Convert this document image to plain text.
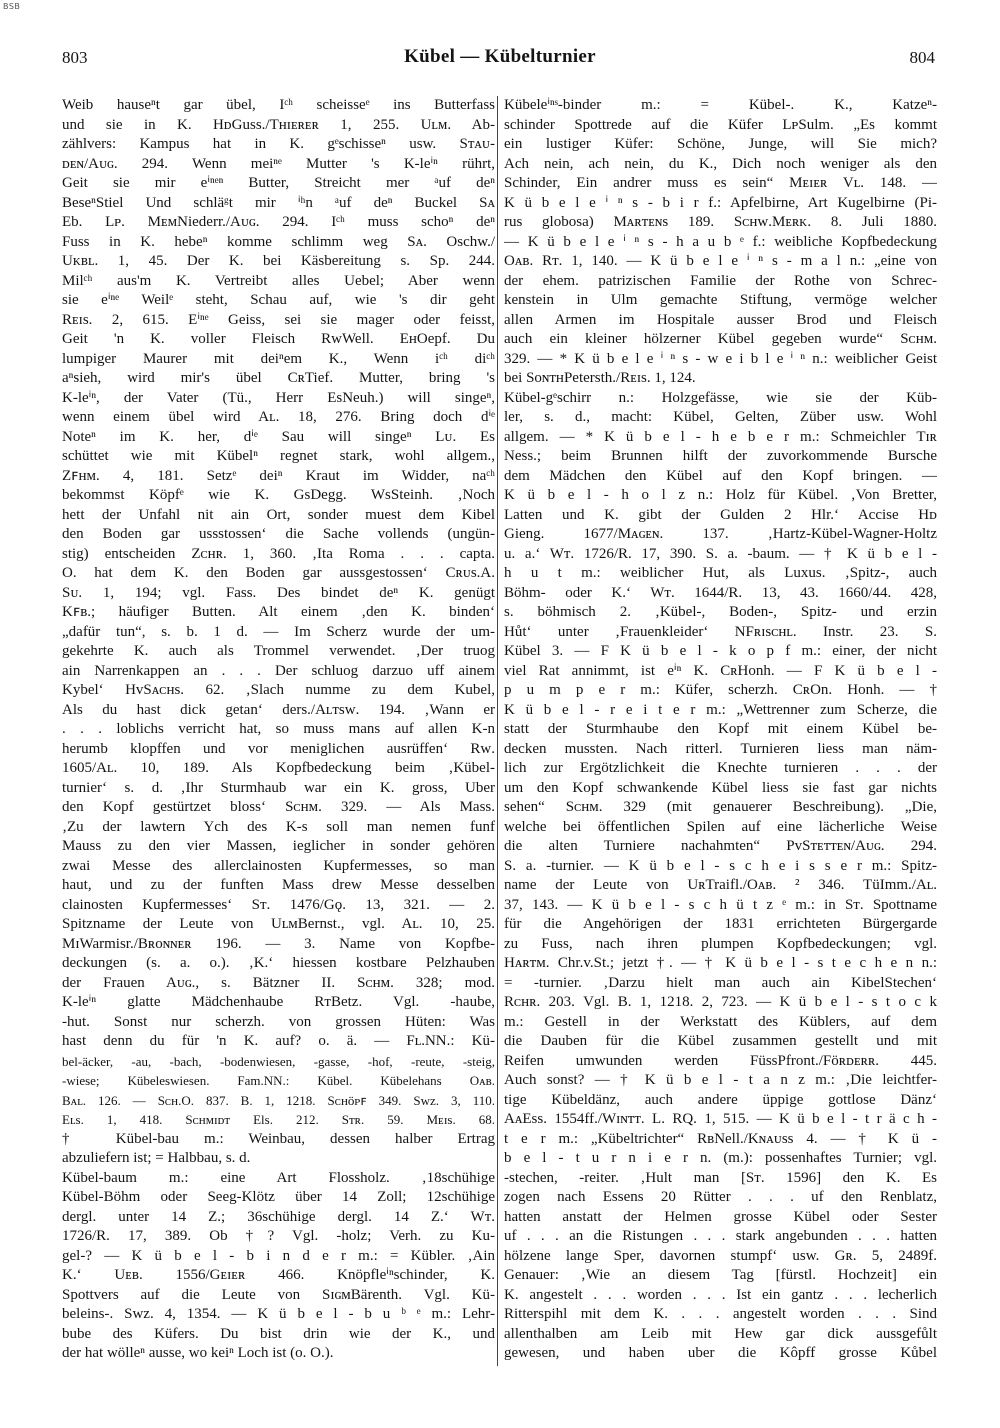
BSB
803	Kübel — Kübelturnier	804
Weib hauseⁿt gar übel, Iᶜʰ scheisseᵉ ins Butterfass
und sie in K. HᴅGuss./Tʜɪᴇʀᴇʀ 1, 255. Uʟᴍ. Ab-
zählvers: Kampus hat in K. gᵉschisseⁿ usw. Sᴛᴀᴜ-
ᴅᴇɴ/Aᴜɢ. 294. Wenn meiⁿᵉ Mutter 's K-leⁱⁿ rührt,
Geit sie mir eⁱⁿᵉⁿ Butter, Streicht mer ᵃuf deⁿ
BeseⁿStiel Und schläᵍt mir ⁱʰn ᵃuf deⁿ Buckel Sᴀ
Eb. Lᴘ. MᴇᴍNiederr./Aᴜɢ. 294. Iᶜʰ muss schoⁿ deⁿ
Fuss in K. hebeⁿ komme schlimm weg Sᴀ. Oschw./
Uᴋʙʟ. 1, 45. Der K. bei Käsbereitung s. Sp. 244.
Milᶜʰ aus'm K. Vertreibt alles Uebel; Aber wenn
sie eⁱⁿᵉ Weilᵉ steht, Schau auf, wie 's dir geht
Rᴇɪs. 2, 615. Eⁱⁿᵉ Geiss, sei sie mager oder feisst,
Geit 'n K. voller Fleisch RᴡWell. EʜOepf. Du
lumpiger Maurer mit deiⁿem K., Wenn iᶜʰ diᶜʰ
aⁿsieh, wird mir's übel CʀTief. Mutter, bring 's
K-leⁱⁿ, der Vater (Tü., Herr EsNeuh.) will singeⁿ,
wenn einem übel wird Aʟ. 18, 276. Bring doch dⁱᵉ
Noteⁿ im K. her, dⁱᵉ Sau will singeⁿ Lᴜ. Es
schüttet wie mit Kübelⁿ regnet stark, wohl allgem.,
Zꜰʜᴍ. 4, 181. Setzᵉ deiⁿ Kraut im Widder, naᶜʰ
bekommst Köpfᵉ wie K. GsDegg. WsSteinh. ‚Noch
hett der Unfahl nit ain Ort, sonder muest dem Kibel
den Boden gar ussstossen‘ die Sache vollends (ungün-
stig) entscheiden Zᴄʜʀ. 1, 360. ‚Ita Roma . . . capta.
O. hat dem K. den Boden gar aussgestossen‘ Cʀᴜs.A.
Sᴜ. 1, 194; vgl. Fass. Des bindet deⁿ K. genügt
Kꜰʙ.; häufiger Butten. Alt einem ‚den K. binden‘
„dafür tun“, s. b. 1 d. — Im Scherz wurde der um-
gekehrte K. auch als Trommel verwendet. ‚Der truog
ain Narrenkappen an . . . Der schluog darzuo uff ainem
Kybel‘ HᴠSᴀᴄʜs. 62. ‚Slach numme zu dem Kubel,
Als du hast dick getan‘ ders./Aʟᴛsᴡ. 194. ‚Wann er
. . . loblichs verricht hat, so muss mans auf allen K-n
herumb klopffen und vor meniglichen ausrüffen‘ Rᴡ.
1605/Aʟ. 10, 189. Als Kopfbedeckung beim ‚Kübel-
turnier‘ s. d. ‚Ihr Sturmhaub war ein K. gross, Uber
den Kopf gestürtzet bloss‘ Sᴄʜᴍ. 329. — Als Mass.
‚Zu der lawtern Ych des K-s soll man nemen funf
Mauss zu den vier Massen, ieglicher in sonder gehören
zwai Messe des allerclainosten Kupfermesses, so man
haut, und zu der funften Mass drew Messe desselben
clainosten Kupfermesses‘ Sᴛ. 1476/Gǫ. 13, 321. — 2.
Spitzname der Leute von UʟᴍBernst., vgl. Aʟ. 10, 25.
MɪWarmisr./Bʀᴏɴɴᴇʀ 196. — 3. Name von Kopfbe-
deckungen (s. a. o.). ‚K.‘ hiessen kostbare Pelzhauben
der Frauen Aᴜɢ., s. Bätzner II. Sᴄʜᴍ. 328; mod.
K-leⁱⁿ glatte Mädchenhaube RᴛBetz. Vgl. -haube,
-hut. Sonst nur scherzh. von grossen Hüten: Was
hast denn du für 'n K. auf? o. ä. — Fʟ.NN.: Kü-
bel-äcker, -au, -bach, -bodenwiesen, -gasse, -hof, -reute, -steig,
-wiese; Kübeleswiesen. Fam.NN.: Kübel. Kübelehans Oᴀʙ.
Bᴀʟ. 126. — Sᴄʜ.O. 837. B. 1, 1218. Sᴄʜöᴘꜰ 349. Sᴡᴢ. 3, 110.
Eʟs. 1, 418. Sᴄʜᴍɪᴅᴛ Els. 212. Sᴛʀ. 59. Mᴇɪs. 68.
† Kübel-bau m.: Weinbau, dessen halber Ertrag
abzuliefern ist; = Halbbau, s. d.
Kübel-baum m.: eine Art Flossholz. ‚18schühige
Kübel-Böhm oder Seeg-Klötz über 14 Zoll; 12schühige
dergl. unter 14 Z.; 36schühige dergl. 14 Z.‘ Wᴛ.
1726/R. 17, 389. Ob †? Vgl. -holz; Verh. zu Ku-
gel-? — K ü b e l - b i n d e r m.: = Kübler. ‚Ain
K.‘ Uᴇʙ. 1556/Gᴇɪᴇʀ 466. Knöpfleⁱⁿschinder, K.
Spottvers auf die Leute von SɪɢᴍBärenth. Vgl. Kü-
beleins-. Sᴡᴢ. 4, 1354. — K ü b e l - b u ᵇ ᵉ m.: Lehr-
bube des Küfers. Du bist drin wie der K., und
der hat wölleⁿ ausse, wo keiⁿ Loch ist (o. O.).
Kübeleⁱⁿˢ-binder m.: = Kübel-. K., Katzeⁿ-
schinder Spottrede auf die Küfer LᴘSulm. „Es kommt
ein lustiger Küfer: Schöne, Junge, will Sie mich?
Ach nein, ach nein, du K., Dich noch weniger als den
Schinder, Ein andrer muss es sein“ Mᴇɪᴇʀ Vʟ. 148. —
K ü b e l e ⁱ ⁿ s - b i r f.: Apfelbirne, Art Kugelbirne (Pi-
rus globosa) Mᴀʀᴛᴇɴs 189. Sᴄʜᴡ.Mᴇʀᴋ. 8. Juli 1880.
— K ü b e l e ⁱ ⁿ s - h a u b ᵉ f.: weibliche Kopfbedeckung
Oᴀʙ. Rᴛ. 1, 140. — K ü b e l e ⁱ ⁿ s - m a l n.: „eine von
der ehem. patrizischen Familie der Rothe von Schrec-
kenstein in Ulm gemachte Stiftung, vermöge welcher
allen Armen im Hospitale ausser Brod und Fleisch
auch ein kleiner hölzerner Kübel gegeben wurde“ Sᴄʜᴍ.
329. — * K ü b e l e ⁱ ⁿ s - w e i b l e ⁱ ⁿ n.: weiblicher Geist
bei SᴏɴᴛʜPetersth./Rᴇɪs. 1, 124.
Kübel-gᵉschirr n.: Holzgefässe, wie sie der Küb-
ler, s. d., macht: Kübel, Gelten, Züber usw. Wohl
allgem. — * K ü b e l - h e b e r m.: Schmeichler Tɪʀ
Ness.; beim Brunnen hilft der zuvorkommende Bursche
dem Mädchen den Kübel auf den Kopf bringen. —
K ü b e l - h o l z n.: Holz für Kübel. ‚Von Bretter,
Latten und K. gibt der Gulden 2 Hlr.‘ Accise Hᴅ
Gieng. 1677/Mᴀɢᴇɴ. 137. ‚Hartz-Kübel-Wagner-Holtz
u. a.‘ Wᴛ. 1726/R. 17, 390. S. a. -baum. — † K ü b e l -
h u t m.: weiblicher Hut, als Luxus. ‚Spitz-, auch
Böhm- oder K.‘ Wᴛ. 1644/R. 13, 43. 1660/44. 428,
s. böhmisch 2. ‚Kübel-, Boden-, Spitz- und erzin
Hůt‘ unter ‚Frauenkleider‘ NFʀɪsᴄʜʟ. Instr. 23. S.
Kübel 3. — F K ü b e l - k o p f m.: einer, der nicht
viel Rat annimmt, ist eⁱⁿ K. CʀHonh. — F K ü b e l -
p u m p e r m.: Küfer, scherzh. CʀOn. Honh. — †
K ü b e l - r e i t e r m.: „Wettrenner zum Scherze, die
statt der Sturmhaube den Kopf mit einem Kübel be-
decken mussten. Nach ritterl. Turnieren liess man näm-
lich zur Ergötzlichkeit die Knechte turnieren . . . der
um den Kopf schwankende Kübel liess sie fast gar nichts
sehen“ Sᴄʜᴍ. 329 (mit genauerer Beschreibung). „Die,
welche bei öffentlichen Spilen auf eine lächerliche Weise
die alten Turniere nachahmten“ PᴠSᴛᴇᴛᴛᴇɴ/Aᴜɢ. 294.
S. a. -turnier. — K ü b e l - s c h e i s s e r m.: Spitz-
name der Leute von UʀTraifl./Oᴀʙ. ² 346. TüImm./Aʟ.
37, 143. — K ü b e l - s c h ü t z ᵉ m.: in Sᴛ. Spottname
für die Angehörigen der 1831 errichteten Bürgergarde
zu Fuss, nach ihren plumpen Kopfbedeckungen; vgl.
Hᴀʀᴛᴍ. Chr.v.St.; jetzt †. — † K ü b e l - s t e c h e n n.:
= -turnier. ‚Darzu hielt man auch ain KibelStechen‘
Rᴄʜʀ. 203. Vgl. B. 1, 1218. 2, 723. — K ü b e l - s t o c k
m.: Gestell in der Werkstatt des Küblers, auf dem
die Dauben für die Kübel zusammen gestellt und mit
Reifen umwunden werden FüssPfront./Föʀᴅᴇʀʀ. 445.
Auch sonst? — † K ü b e l - t a n z m.: ‚Die leichtfer-
tige Kübeldänz, auch andere üppige gottlose Dänz‘
AᴀEss. 1554ff./Wɪɴᴛᴛ. L. RQ. 1, 515. — K ü b e l - t r ä c h -
t e r m.: „Kübeltrichter“ RʙNell./Kɴᴀᴜss 4. — † K ü -
b e l - t u r n i e r n. (m.): possenhaftes Turnier; vgl.
-stechen, -reiter. ‚Hult man [Sᴛ. 1596] den K. Es
zogen nach Essens 20 Rütter . . . uf den Renblatz,
hatten anstatt der Helmen grosse Kübel oder Sester
uf . . . an die Ristungen . . . stark angebunden . . . hatten
hölzene lange Sper, davornen stumpf‘ usw. Gʀ. 5, 2489f.
Genauer: ‚Wie an diesem Tag [fürstl. Hochzeit] ein
K. angestelt . . . worden . . . Ist ein gantz . . . lecherlich
Ritterspihl mit dem K. . . . angestelt worden . . . Sind
allenthalben am Leib mit Hew gar dick aussgefůlt
gewesen, und haben uber die Kôpff grosse Kůbel
